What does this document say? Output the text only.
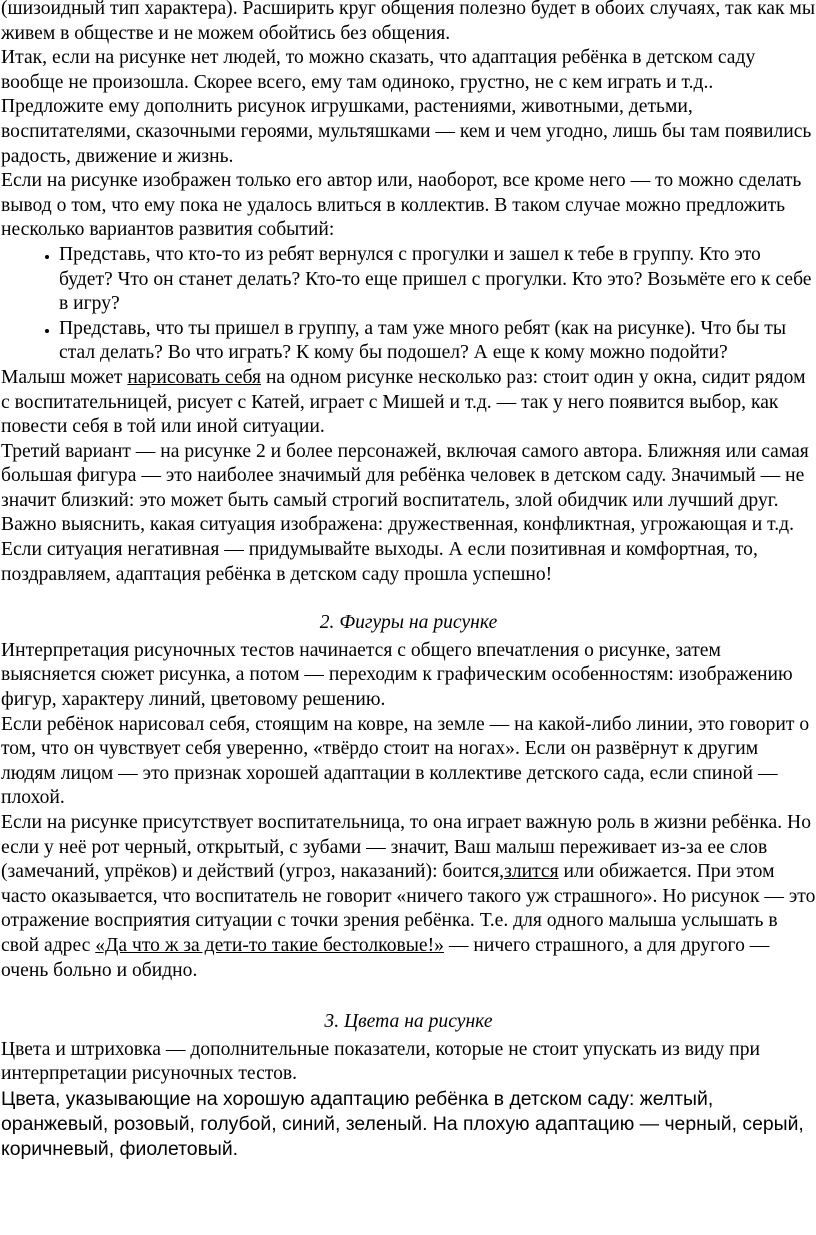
(шизоидный тип характера). Расширить круг общения полезно будет в обоих случаях, так как мы живем в обществе и не можем обойтись без общения.

Итак, если на рисунке нет людей, то можно сказать, что адаптация ребёнка в детском саду вообще не произошла. Скорее всего, ему там одиноко, грустно, не с кем играть и т.д.. Предложите ему дополнить рисунок игрушками, растениями, животными, детьми, воспитателями, сказочными героями, мультяшками — кем и чем угодно, лишь бы там появились радость, движение и жизнь.

Если на рисунке изображен только его автор или, наоборот, все кроме него — то можно сделать вывод о том, что ему пока не удалось влиться в коллектив. В таком случае можно предложить несколько вариантов развития событий:

• Представь, что кто-то из ребят вернулся с прогулки и зашел к тебе в группу. Кто это будет? Что он станет делать? Кто-то еще пришел с прогулки. Кто это? Возьмёте его к себе в игру?
• Представь, что ты пришел в группу, а там уже много ребят (как на рисунке). Что бы ты стал делать? Во что играть? К кому бы подошел? А еще к кому можно подойти?

Малыш может нарисовать себя на одном рисунке несколько раз: стоит один у окна, сидит рядом с воспитательницей, рисует с Катей, играет с Мишей и т.д. — так у него появится выбор, как повести себя в той или иной ситуации.

Третий вариант — на рисунке 2 и более персонажей, включая самого автора. Ближняя или самая большая фигура — это наиболее значимый для ребёнка человек в детском саду. Значимый — не значит близкий: это может быть самый строгий воспитатель, злой обидчик или лучший друг. Важно выяснить, какая ситуация изображена: дружественная, конфликтная, угрожающая и т.д. Если ситуация негативная — придумывайте выходы. А если позитивная и комфортная, то, поздравляем, адаптация ребёнка в детском саду прошла успешно!

2. Фигуры на рисунке

Интерпретация рисуночных тестов начинается с общего впечатления о рисунке, затем выясняется сюжет рисунка, а потом — переходим к графическим особенностям: изображению фигур, характеру линий, цветовому решению.

Если ребёнок нарисовал себя, стоящим на ковре, на земле — на какой-либо линии, это говорит о том, что он чувствует себя уверенно, «твёрдо стоит на ногах». Если он развёрнут к другим людям лицом — это признак хорошей адаптации в коллективе детского сада, если спиной — плохой.

Если на рисунке присутствует воспитательница, то она играет важную роль в жизни ребёнка. Но если у неё рот черный, открытый, с зубами — значит, Ваш малыш переживает из-за ее слов (замечаний, упрёков) и действий (угроз, наказаний): боится,злится или обижается. При этом часто оказывается, что воспитатель не говорит «ничего такого уж страшного». Но рисунок — это отражение восприятия ситуации с точки зрения ребёнка. Т.е. для одного малыша услышать в свой адрес «Да что ж за дети-то такие бестолковые!» — ничего страшного, а для другого — очень больно и обидно.

3. Цвета на рисунке

Цвета и штриховка — дополнительные показатели, которые не стоит упускать из виду при интерпретации рисуночных тестов.

Цвета, указывающие на хорошую адаптацию ребёнка в детском саду: желтый, оранжевый, розовый, голубой, синий, зеленый. На плохую адаптацию — черный, серый, коричневый, фиолетовый.
